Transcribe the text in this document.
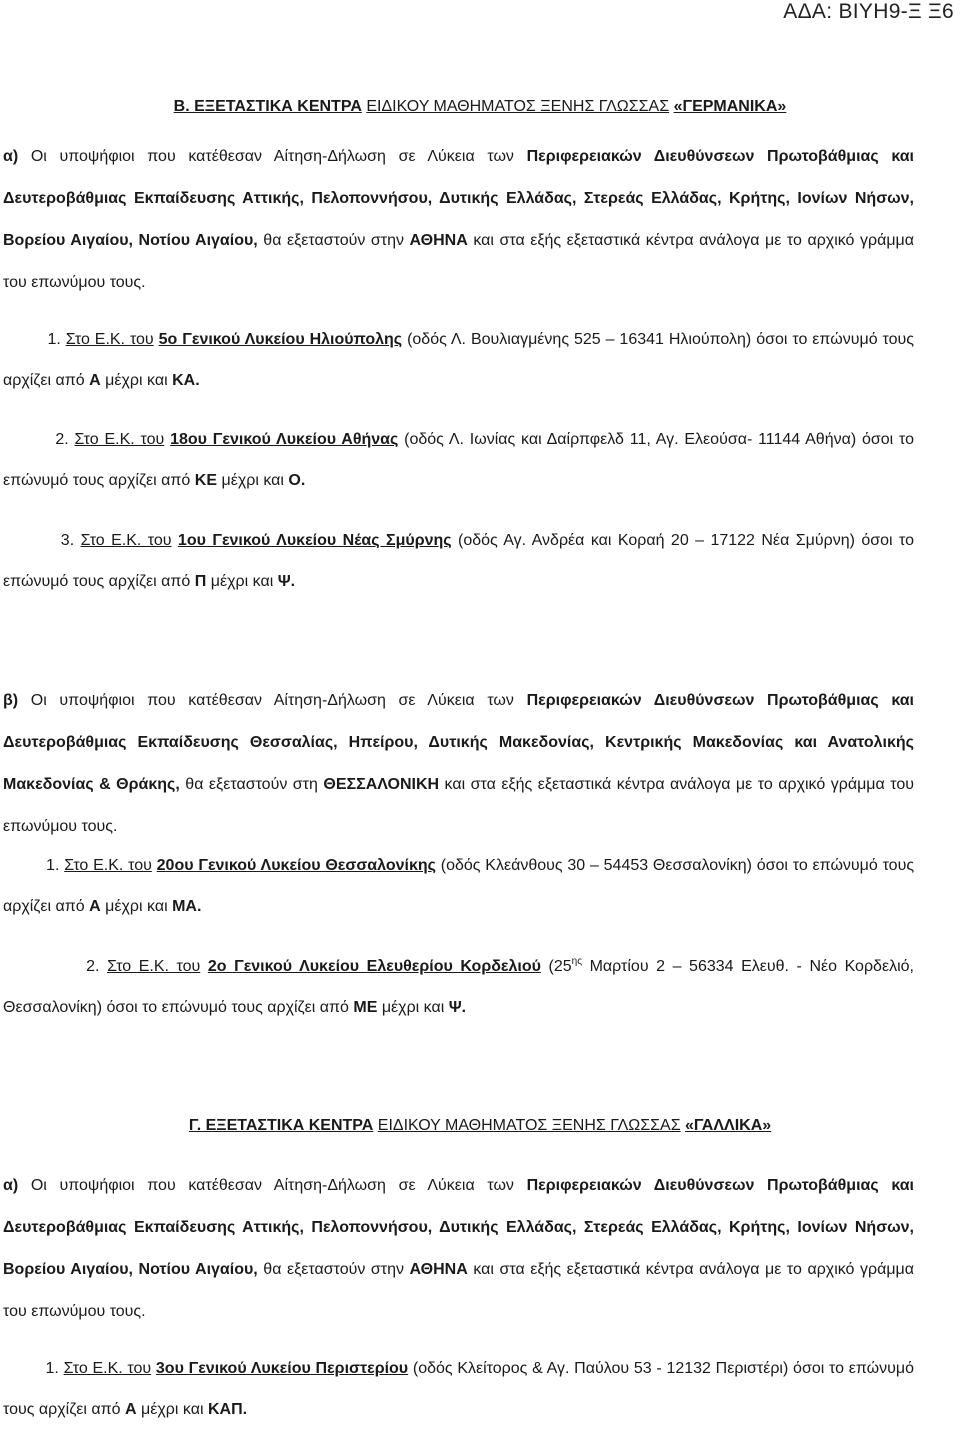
ΑΔΑ: ΒΙΥΗ9-Ξ Ξ6
Β. ΕΞΕΤΑΣΤΙΚΑ ΚΕΝΤΡΑ ΕΙΔΙΚΟΥ ΜΑΘΗΜΑΤΟΣ ΞΕΝΗΣ ΓΛΩΣΣΑΣ «ΓΕΡΜΑΝΙΚΑ»
α) Οι υποψήφιοι που κατέθεσαν Αίτηση-Δήλωση σε Λύκεια των Περιφερειακών Διευθύνσεων Πρωτοβάθμιας και Δευτεροβάθμιας Εκπαίδευσης Αττικής, Πελοποννήσου, Δυτικής Ελλάδας, Στερεάς Ελλάδας, Κρήτης, Ιονίων Νήσων, Βορείου Αιγαίου, Νοτίου Αιγαίου, θα εξεταστούν στην ΑΘΗΝΑ και στα εξής εξεταστικά κέντρα ανάλογα με το αρχικό γράμμα του επωνύμου τους.
1. Στο Ε.Κ. του 5ο Γενικού Λυκείου Ηλιούπολης (οδός Λ. Βουλιαγμένης 525 – 16341 Ηλιούπολη) όσοι το επώνυμό τους αρχίζει από Α μέχρι και ΚΑ.
2. Στο Ε.Κ. του 18ου Γενικού Λυκείου Αθήνας (οδός Λ. Ιωνίας και Δαίρπφελδ 11, Αγ. Ελεούσα- 11144 Αθήνα) όσοι το επώνυμό τους αρχίζει από ΚΕ μέχρι και Ο.
3. Στο Ε.Κ. του 1ου Γενικού Λυκείου Νέας Σμύρνης (οδός Αγ. Ανδρέα και Κοραή 20 – 17122 Νέα Σμύρνη) όσοι το επώνυμό τους αρχίζει από Π μέχρι και Ψ.
β) Οι υποψήφιοι που κατέθεσαν Αίτηση-Δήλωση σε Λύκεια των Περιφερειακών Διευθύνσεων Πρωτοβάθμιας και Δευτεροβάθμιας Εκπαίδευσης Θεσσαλίας, Ηπείρου, Δυτικής Μακεδονίας, Κεντρικής Μακεδονίας και Ανατολικής Μακεδονίας & Θράκης, θα εξεταστούν στη ΘΕΣΣΑΛΟΝΙΚΗ και στα εξής εξεταστικά κέντρα ανάλογα με το αρχικό γράμμα του επωνύμου τους.
1. Στο Ε.Κ. του 20ου Γενικού Λυκείου Θεσσαλονίκης (οδός Κλεάνθους 30 – 54453 Θεσσαλονίκη) όσοι το επώνυμό τους αρχίζει από Α μέχρι και ΜΑ.
2. Στο Ε.Κ. του 2ο Γενικού Λυκείου Ελευθερίου Κορδελιού ($25^{\eta\varsigma}$ Μαρτίου 2 – 56334 Ελευθ. - Νέο Κορδελιό, Θεσσαλονίκη) όσοι το επώνυμό τους αρχίζει από ΜΕ μέχρι και Ψ.
Γ. ΕΞΕΤΑΣΤΙΚΑ ΚΕΝΤΡΑ ΕΙΔΙΚΟΥ ΜΑΘΗΜΑΤΟΣ ΞΕΝΗΣ ΓΛΩΣΣΑΣ «ΓΑΛΛΙΚΑ»
α) Οι υποψήφιοι που κατέθεσαν Αίτηση-Δήλωση σε Λύκεια των Περιφερειακών Διευθύνσεων Πρωτοβάθμιας και Δευτεροβάθμιας Εκπαίδευσης Αττικής, Πελοποννήσου, Δυτικής Ελλάδας, Στερεάς Ελλάδας, Κρήτης, Ιονίων Νήσων, Βορείου Αιγαίου, Νοτίου Αιγαίου, θα εξεταστούν στην ΑΘΗΝΑ και στα εξής εξεταστικά κέντρα ανάλογα με το αρχικό γράμμα του επωνύμου τους.
1. Στο Ε.Κ. του 3ου Γενικού Λυκείου Περιστερίου (οδός Κλείτορος & Αγ. Παύλου 53 - 12132 Περιστέρι) όσοι το επώνυμό τους αρχίζει από Α μέχρι και ΚΑΠ.
